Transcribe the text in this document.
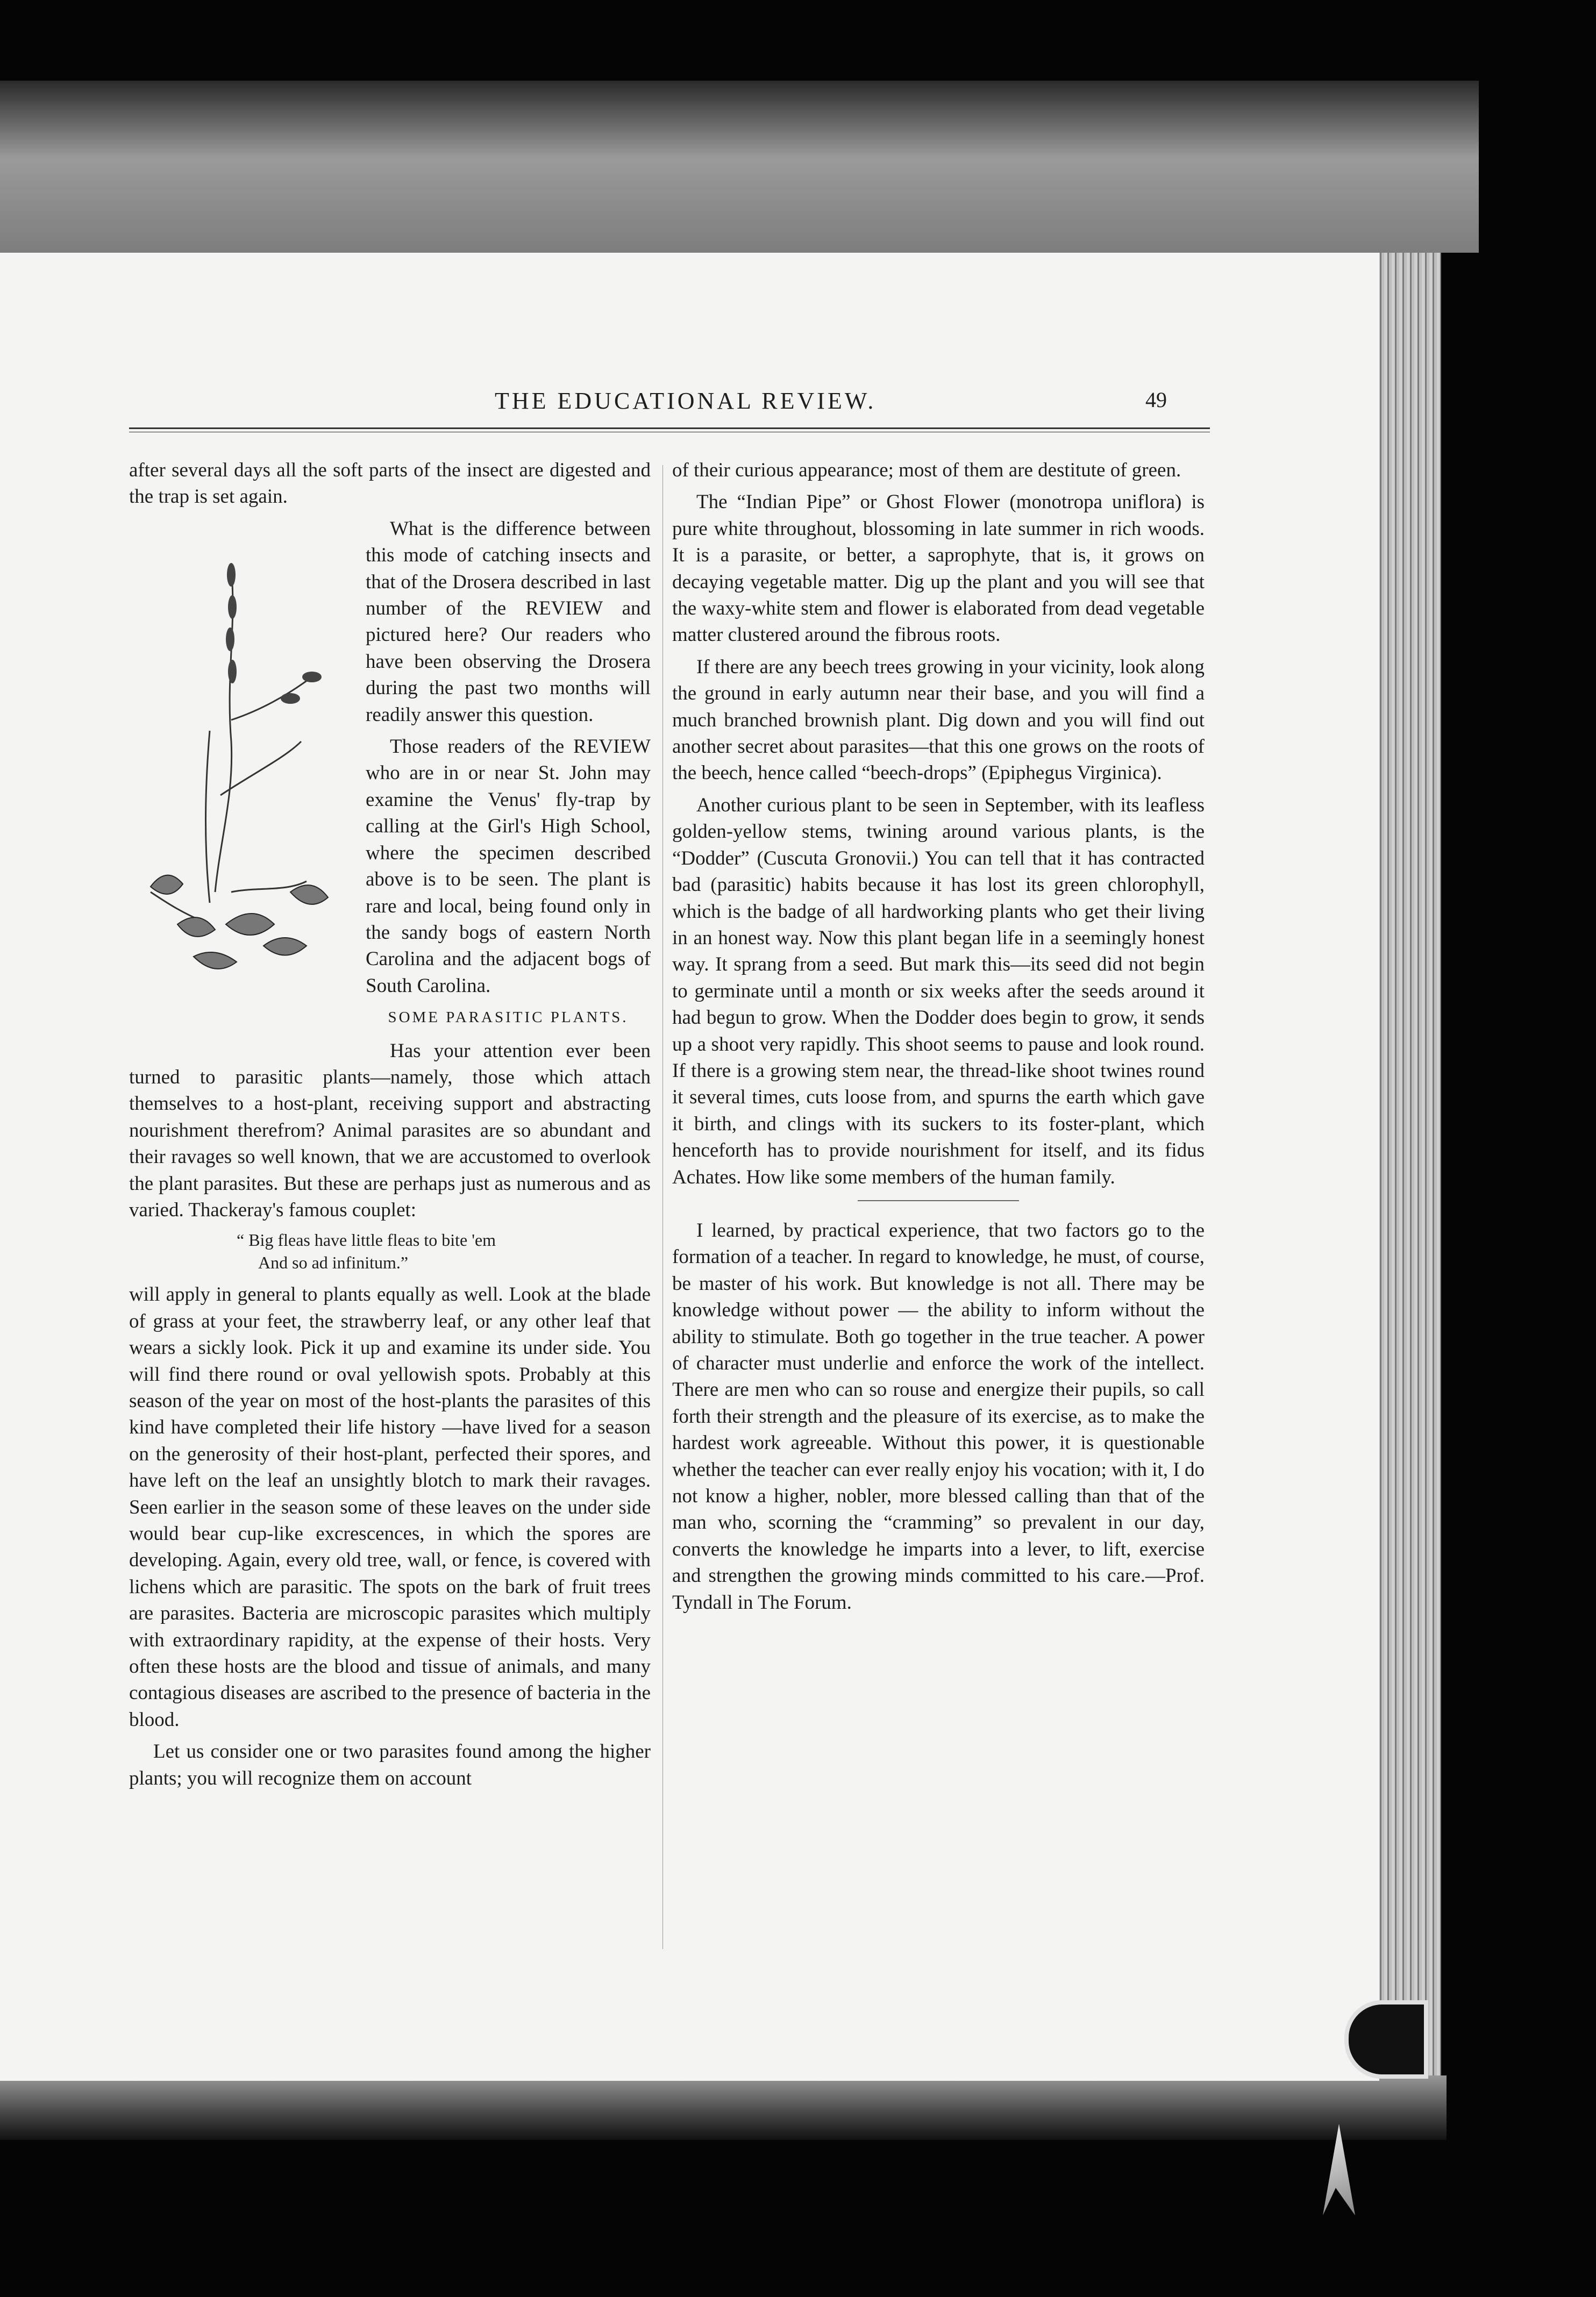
THE EDUCATIONAL REVIEW.	49

after several days all the soft parts of the insect are digested and the trap is set again.

What is the difference between this mode of catching insects and that of the Drosera described in last number of the REVIEW and pictured here? Our readers who have been observing the Drosera during the past two months will readily answer this question.

Those readers of the REVIEW who are in or near St. John may examine the Venus' fly-trap by calling at the Girl's High School, where the specimen described above is to be seen. The plant is rare and local, being found only in the sandy bogs of eastern North Carolina and the adjacent bogs of South Carolina.

SOME PARASITIC PLANTS.

Has your attention ever been turned to parasitic plants—namely, those which attach themselves to a host-plant, receiving support and abstracting nourishment therefrom? Animal parasites are so abundant and their ravages so well known, that we are accustomed to overlook the plant parasites. But these are perhaps just as numerous and as varied. Thackeray's famous couplet:

“ Big fleas have little fleas to bite 'em
And so ad infinitum.”

will apply in general to plants equally as well. Look at the blade of grass at your feet, the strawberry leaf, or any other leaf that wears a sickly look. Pick it up and examine its under side. You will find there round or oval yellowish spots. Probably at this season of the year on most of the host-plants the parasites of this kind have completed their life history —have lived for a season on the generosity of their host-plant, perfected their spores, and have left on the leaf an unsightly blotch to mark their ravages. Seen earlier in the season some of these leaves on the under side would bear cup-like excrescences, in which the spores are developing. Again, every old tree, wall, or fence, is covered with lichens which are parasitic. The spots on the bark of fruit trees are parasites. Bacteria are microscopic parasites which multiply with extraordinary rapidity, at the expense of their hosts. Very often these hosts are the blood and tissue of animals, and many contagious diseases are ascribed to the presence of bacteria in the blood.

Let us consider one or two parasites found among the higher plants; you will recognize them on account

of their curious appearance; most of them are destitute of green.

The “Indian Pipe” or Ghost Flower (monotropa uniflora) is pure white throughout, blossoming in late summer in rich woods. It is a parasite, or better, a saprophyte, that is, it grows on decaying vegetable matter. Dig up the plant and you will see that the waxy-white stem and flower is elaborated from dead vegetable matter clustered around the fibrous roots.

If there are any beech trees growing in your vicinity, look along the ground in early autumn near their base, and you will find a much branched brownish plant. Dig down and you will find out another secret about parasites—that this one grows on the roots of the beech, hence called “beech-drops” (Epiphegus Virginica).

Another curious plant to be seen in September, with its leafless golden-yellow stems, twining around various plants, is the “Dodder” (Cuscuta Gronovii.) You can tell that it has contracted bad (parasitic) habits because it has lost its green chlorophyll, which is the badge of all hardworking plants who get their living in an honest way. Now this plant began life in a seemingly honest way. It sprang from a seed. But mark this—its seed did not begin to germinate until a month or six weeks after the seeds around it had begun to grow. When the Dodder does begin to grow, it sends up a shoot very rapidly. This shoot seems to pause and look round. If there is a growing stem near, the thread-like shoot twines round it several times, cuts loose from, and spurns the earth which gave it birth, and clings with its suckers to its foster-plant, which henceforth has to provide nourishment for itself, and its fidus Achates. How like some members of the human family.

I learned, by practical experience, that two factors go to the formation of a teacher. In regard to knowledge, he must, of course, be master of his work. But knowledge is not all. There may be knowledge without power — the ability to inform without the ability to stimulate. Both go together in the true teacher. A power of character must underlie and enforce the work of the intellect. There are men who can so rouse and energize their pupils, so call forth their strength and the pleasure of its exercise, as to make the hardest work agreeable. Without this power, it is questionable whether the teacher can ever really enjoy his vocation; with it, I do not know a higher, nobler, more blessed calling than that of the man who, scorning the “cramming” so prevalent in our day, converts the knowledge he imparts into a lever, to lift, exercise and strengthen the growing minds committed to his care.—Prof. Tyndall in The Forum.
